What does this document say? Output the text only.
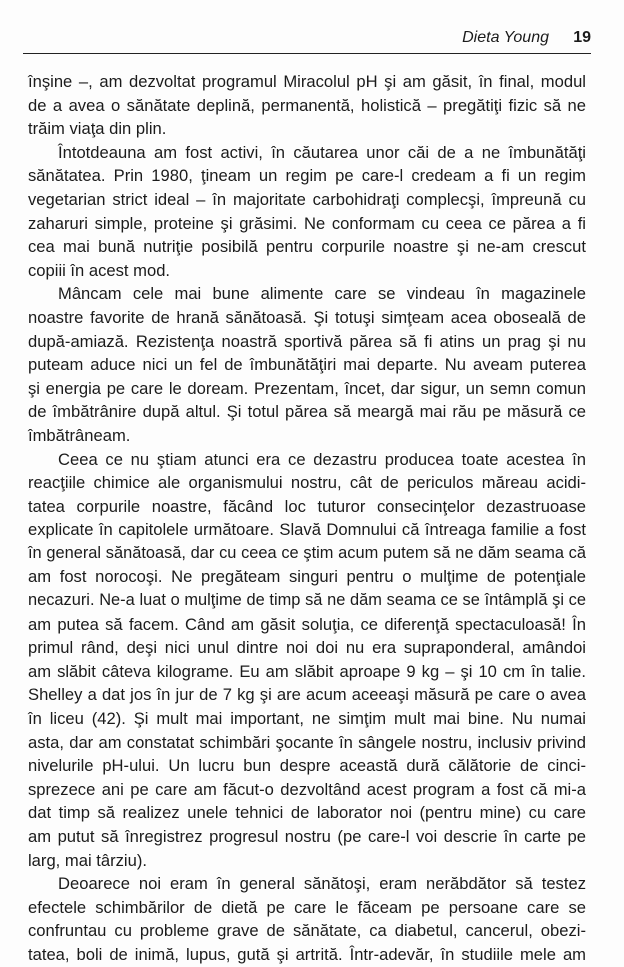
Dieta Young 19
înşine –, am dezvoltat programul Miracolul pH şi am găsit, în final, modul
de a avea o sănătate deplină, permanentă, holistică – pregătiţi fizic să ne
trăim viaţa din plin.
Întotdeauna am fost activi, în căutarea unor căi de a ne îmbunătăţi
sănătatea. Prin 1980, ţineam un regim pe care-l credeam a fi un regim
vegetarian strict ideal – în majoritate carbohidraţi complecşi, împreună cu
zaharuri simple, proteine şi grăsimi. Ne conformam cu ceea ce părea a fi
cea mai bună nutriţie posibilă pentru corpurile noastre şi ne-am crescut
copiii în acest mod.
Mâncam cele mai bune alimente care se vindeau în magazinele
noastre favorite de hrană sănătoasă. Şi totuşi simţeam acea oboseală de
după-amiază. Rezistenţa noastră sportivă părea să fi atins un prag şi nu
puteam aduce nici un fel de îmbunătăţiri mai departe. Nu aveam puterea
şi energia pe care le doream. Prezentam, încet, dar sigur, un semn comun
de îmbătrânire după altul. Şi totul părea să meargă mai rău pe măsură ce
îmbătrâneam.
Ceea ce nu ştiam atunci era ce dezastru producea toate acestea în
reacţiile chimice ale organismului nostru, cât de periculos măreau acidi-
tatea corpurile noastre, făcând loc tuturor consecinţelor dezastruoase
explicate în capitolele următoare. Slavă Domnului că întreaga familie a fost
în general sănătoasă, dar cu ceea ce ştim acum putem să ne dăm seama că
am fost norocoşi. Ne pregăteam singuri pentru o mulţime de potenţiale
necazuri. Ne-a luat o mulţime de timp să ne dăm seama ce se întâmplă şi ce
am putea să facem. Când am găsit soluţia, ce diferenţă spectaculoasă! În
primul rând, deşi nici unul dintre noi doi nu era supraponderal, amândoi
am slăbit câteva kilograme. Eu am slăbit aproape 9 kg – şi 10 cm în talie.
Shelley a dat jos în jur de 7 kg şi are acum aceeaşi măsură pe care o avea
în liceu (42). Şi mult mai important, ne simţim mult mai bine. Nu numai
asta, dar am constatat schimbări şocante în sângele nostru, inclusiv privind
nivelurile pH-ului. Un lucru bun despre această dură călătorie de cinci-
sprezece ani pe care am făcut-o dezvoltând acest program a fost că mi-a
dat timp să realizez unele tehnici de laborator noi (pentru mine) cu care
am putut să înregistrez progresul nostru (pe care-l voi descrie în carte pe
larg, mai târziu).
Deoarece noi eram în general sănătoşi, eram nerăbdător să testez
efectele schimbărilor de dietă pe care le făceam pe persoane care se
confruntau cu probleme grave de sănătate, ca diabetul, cancerul, obezi-
tatea, boli de inimă, lupus, gută şi artrită. Într-adevăr, în studiile mele am
